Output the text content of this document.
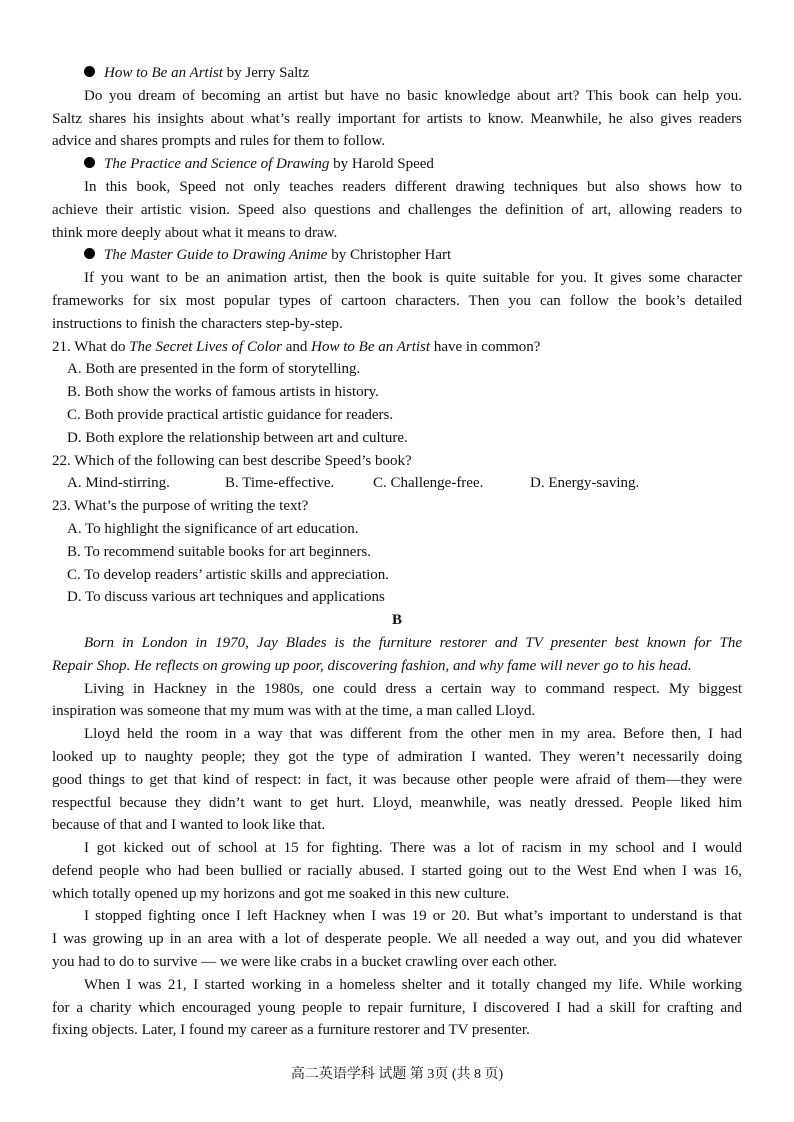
How to Be an Artist by Jerry Saltz
Do you dream of becoming an artist but have no basic knowledge about art? This book can help you.
Saltz shares his insights about what’s really important for artists to know. Meanwhile, he also gives readers
advice and shares prompts and rules for them to follow.
The Practice and Science of Drawing by Harold Speed
In this book, Speed not only teaches readers different drawing techniques but also shows how to
achieve their artistic vision. Speed also questions and challenges the definition of art, allowing readers to
think more deeply about what it means to draw.
The Master Guide to Drawing Anime by Christopher Hart
If you want to be an animation artist, then the book is quite suitable for you. It gives some character
frameworks for six most popular types of cartoon characters. Then you can follow the book’s detailed
instructions to finish the characters step-by-step.
21. What do The Secret Lives of Color and How to Be an Artist have in common?
A. Both are presented in the form of storytelling.
B. Both show the works of famous artists in history.
C. Both provide practical artistic guidance for readers.
D. Both explore the relationship between art and culture.
22. Which of the following can best describe Speed’s book?
A. Mind-stirring.	B. Time-effective.	C. Challenge-free.	D. Energy-saving.
23. What’s the purpose of writing the text?
A. To highlight the significance of art education.
B. To recommend suitable books for art beginners.
C. To develop readers’ artistic skills and appreciation.
D. To discuss various art techniques and applications
B
Born in London in 1970, Jay Blades is the furniture restorer and TV presenter best known for The
Repair Shop. He reflects on growing up poor, discovering fashion, and why fame will never go to his head.
Living in Hackney in the 1980s, one could dress a certain way to command respect. My biggest
inspiration was someone that my mum was with at the time, a man called Lloyd.
Lloyd held the room in a way that was different from the other men in my area. Before then, I had
looked up to naughty people; they got the type of admiration I wanted. They weren’t necessarily doing
good things to get that kind of respect: in fact, it was because other people were afraid of them—they were
respectful because they didn’t want to get hurt. Lloyd, meanwhile, was neatly dressed. People liked him
because of that and I wanted to look like that.
I got kicked out of school at 15 for fighting. There was a lot of racism in my school and I would
defend people who had been bullied or racially abused. I started going out to the West End when I was 16,
which totally opened up my horizons and got me soaked in this new culture.
I stopped fighting once I left Hackney when I was 19 or 20. But what’s important to understand is that
I was growing up in an area with a lot of desperate people. We all needed a way out, and you did whatever
you had to do to survive — we were like crabs in a bucket crawling over each other.
When I was 21, I started working in a homeless shelter and it totally changed my life. While working
for a charity which encouraged young people to repair furniture, I discovered I had a skill for crafting and
fixing objects. Later, I found my career as a furniture restorer and TV presenter.
高二英语学科 试题 第 3页 (共 8 页)
